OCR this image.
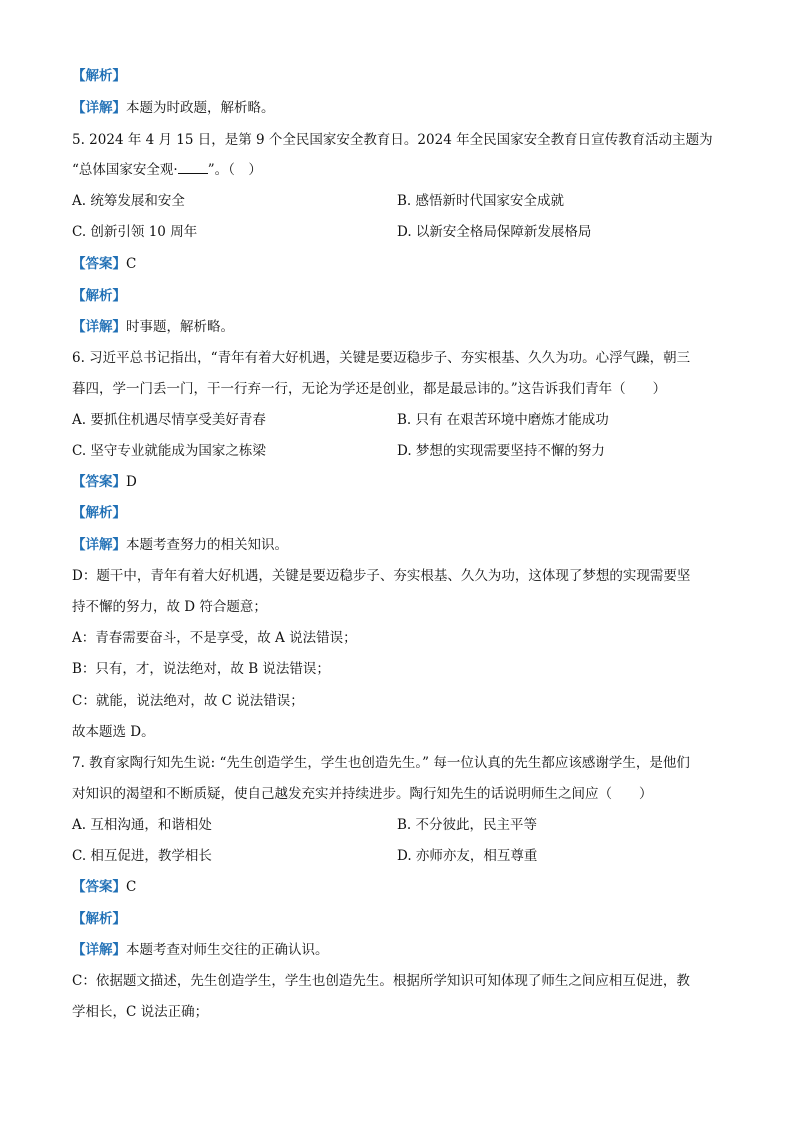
【解析】

【详解】本题为时政题，解析略。

5. 2024 年 4 月 15 日，是第 9 个全民国家安全教育日。2024 年全民国家安全教育日宣传教育活动主题为

“总体国家安全观· ”。（　）

A. 统筹发展和安全	B. 感悟新时代国家安全成就

C. 创新引领 10 周年	D. 以新安全格局保障新发展格局

【答案】C

【解析】

【详解】时事题，解析略。

6. 习近平总书记指出，“青年有着大好机遇，关键是要迈稳步子、夯实根基、久久为功。心浮气躁，朝三

暮四，学一门丢一门，干一行弃一行，无论为学还是创业，都是最忌讳的。”这告诉我们青年（　　）

A. 要抓住机遇尽情享受美好青春	B. 只有 在艰苦环境中磨炼才能成功

C. 坚守专业就能成为国家之栋梁	D. 梦想的实现需要坚持不懈的努力

【答案】D

【解析】

【详解】本题考查努力的相关知识。

D：题干中，青年有着大好机遇，关键是要迈稳步子、夯实根基、久久为功，这体现了梦想的实现需要坚

持不懈的努力，故 D 符合题意；

A：青春需要奋斗，不是享受，故 A 说法错误；

B：只有，才，说法绝对，故 B 说法错误；

C：就能，说法绝对，故 C 说法错误；

故本题选 D。

7. 教育家陶行知先生说: “先生创造学生，学生也创造先生。” 每一位认真的先生都应该感谢学生，是他们

对知识的渴望和不断质疑，使自己越发充实并持续进步。陶行知先生的话说明师生之间应（　　）

A. 互相沟通，和谐相处	B. 不分彼此，民主平等

C. 相互促进，教学相长	D. 亦师亦友，相互尊重

【答案】C

【解析】

【详解】本题考查对师生交往的正确认识。

C：依据题文描述，先生创造学生，学生也创造先生。根据所学知识可知体现了师生之间应相互促进，教

学相长，C 说法正确；
